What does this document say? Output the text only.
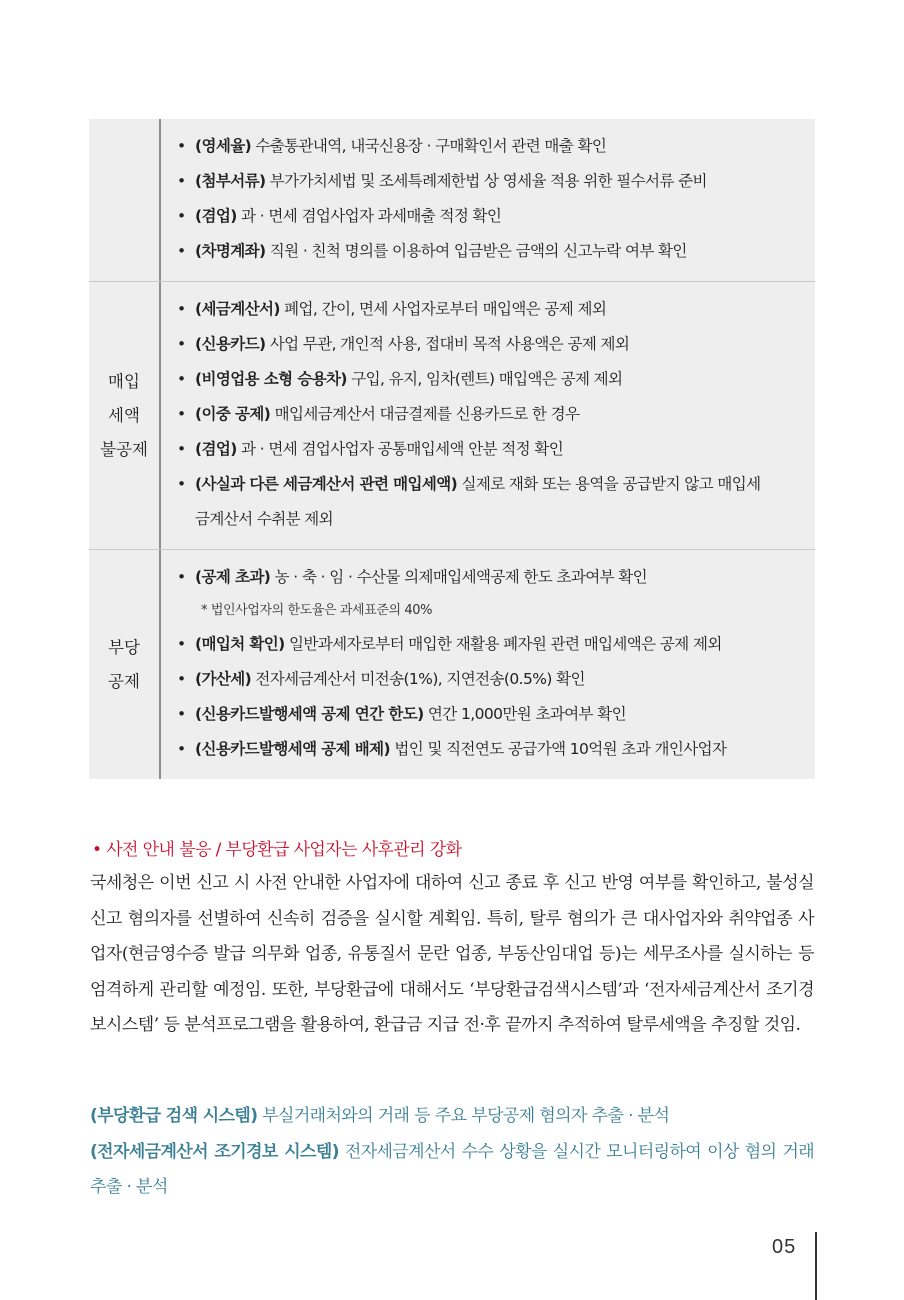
• (영세율) 수출통관내역, 내국신용장 · 구매확인서 관련 매출 확인
• (첨부서류) 부가가치세법 및 조세특례제한법 상 영세율 적용 위한 필수서류 준비
• (겸업) 과 · 면세 겸업사업자 과세매출 적정 확인
• (차명계좌) 직원 · 친척 명의를 이용하여 입금받은 금액의 신고누락 여부 확인
매입
세액
불공제
• (세금계산서) 폐업, 간이, 면세 사업자로부터 매입액은 공제 제외
• (신용카드) 사업 무관, 개인적 사용, 접대비 목적 사용액은 공제 제외
• (비영업용 소형 승용차) 구입, 유지, 임차(렌트) 매입액은 공제 제외
• (이중 공제) 매입세금계산서 대금결제를 신용카드로 한 경우
• (겸업) 과 · 면세 겸업사업자 공통매입세액 안분 적정 확인
• (사실과 다른 세금계산서 관련 매입세액) 실제로 재화 또는 용역을 공급받지 않고 매입세금계산서 수취분 제외
부당
공제
• (공제 초과) 농 · 축 · 임 · 수산물 의제매입세액공제 한도 초과여부 확인
* 법인사업자의 한도율은 과세표준의 40%
• (매입처 확인) 일반과세자로부터 매입한 재활용 폐자원 관련 매입세액은 공제 제외
• (가산세) 전자세금계산서 미전송(1%), 지연전송(0.5%) 확인
• (신용카드발행세액 공제 연간 한도) 연간 1,000만원 초과여부 확인
• (신용카드발행세액 공제 배제) 법인 및 직전연도 공급가액 10억원 초과 개인사업자
• 사전 안내 불응 / 부당환급 사업자는 사후관리 강화
국세청은 이번 신고 시 사전 안내한 사업자에 대하여 신고 종료 후 신고 반영 여부를 확인하고, 불성실 신고 혐의자를 선별하여 신속히 검증을 실시할 계획임. 특히, 탈루 혐의가 큰 대사업자와 취약업종 사업자(현금영수증 발급 의무화 업종, 유통질서 문란 업종, 부동산임대업 등)는 세무조사를 실시하는 등 엄격하게 관리할 예정임. 또한, 부당환급에 대해서도 ‘부당환급검색시스템’과 ‘전자세금계산서 조기경보시스템’ 등 분석프로그램을 활용하여, 환급금 지급 전·후 끝까지 추적하여 탈루세액을 추징할 것임.
(부당환급 검색 시스템) 부실거래처와의 거래 등 주요 부당공제 혐의자 추출 · 분석
(전자세금계산서 조기경보 시스템) 전자세금계산서 수수 상황을 실시간 모니터링하여 이상 혐의 거래 추출 · 분석
05
